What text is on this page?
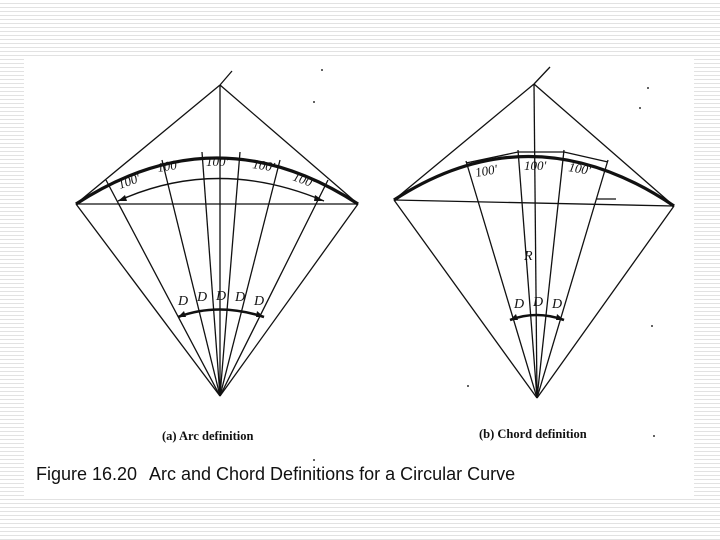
100′
100′ 100′ 100′
100′
D D D D D
(a) Arc definition
100′ 100′ 100′
R
D D D
(b) Chord definition
Figure 16.20 Arc and Chord Definitions for a Circular Curve
